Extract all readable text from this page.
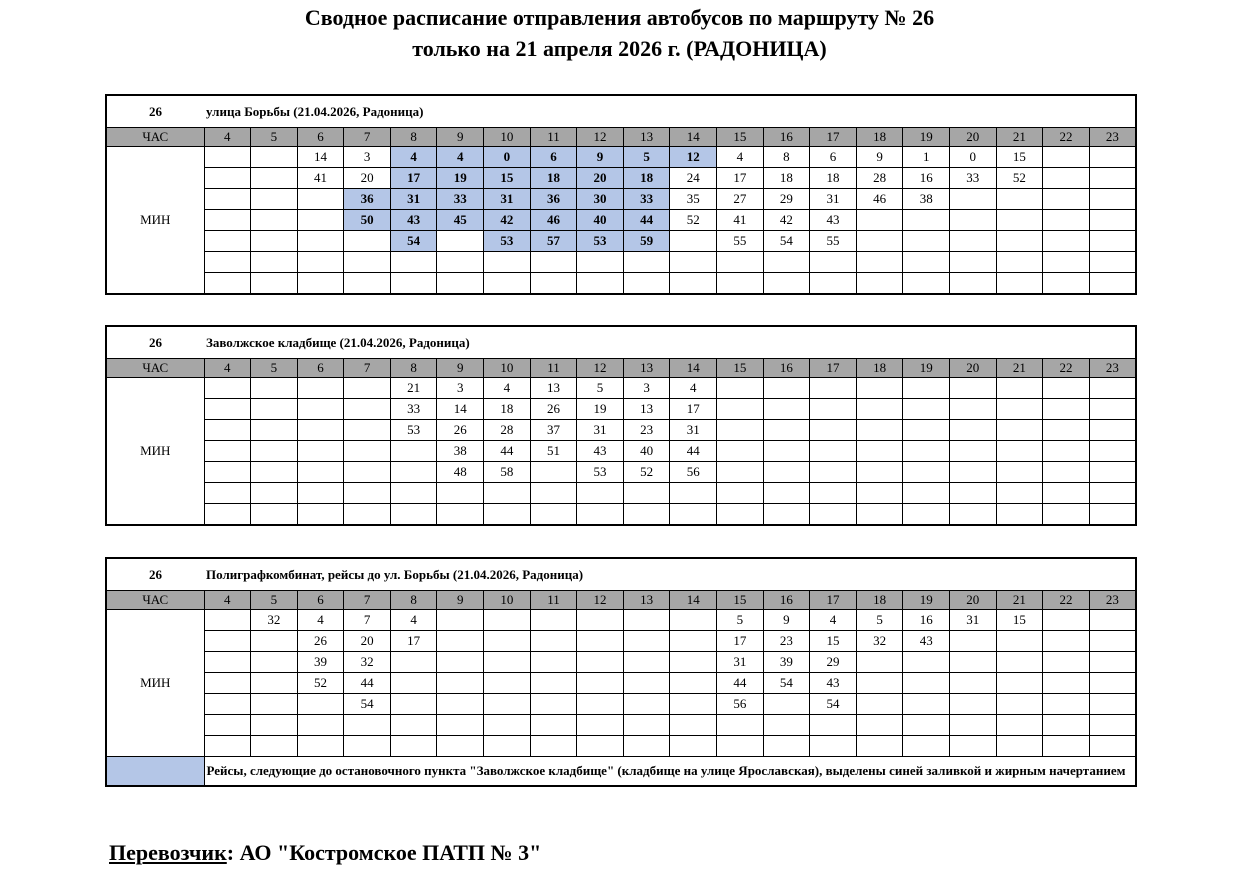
Сводное расписание отправления автобусов по маршруту № 26
только на 21 апреля 2026 г. (РАДОНИЦА)
26	улица Борьбы (21.04.2026, Радоница)																			
ЧАС	4	5	6	7	8	9	10	11	12	13	14	15	16	17	18	19	20	21	22	23
МИН			14	3	4	4	0	6	9	5	12	4	8	6	9	1	0	15		
			41	20	17	19	15	18	20	18	24	17	18	18	28	16	33	52		
				36	31	33	31	36	30	33	35	27	29	31	46	38				
				50	43	45	42	46	40	44	52	41	42	43						
					54		53	57	53	59		55	54	55						

26	Заволжское кладбище (21.04.2026, Радоница)																			
ЧАС	4	5	6	7	8	9	10	11	12	13	14	15	16	17	18	19	20	21	22	23
МИН					21	3	4	13	5	3	4									
					33	14	18	26	19	13	17									
					53	26	28	37	31	23	31									
						38	44	51	43	40	44									
						48	58		53	52	56									

26	Полиграфкомбинат, рейсы до ул. Борьбы (21.04.2026, Радоница)																			
ЧАС	4	5	6	7	8	9	10	11	12	13	14	15	16	17	18	19	20	21	22	23
МИН		32	4	7	4							5	9	4	5	16	31	15		
			26	20	17							17	23	15	32	43				
			39	32								31	39	29						
			52	44								44	54	43						
				54								56		54						

	Рейсы, следующие до остановочного пункта "Заволжское кладбище" (кладбище на улице Ярославская), выделены синей заливкой и жирным начертанием																			
Перевозчик: АО "Костромское ПАТП № 3"
